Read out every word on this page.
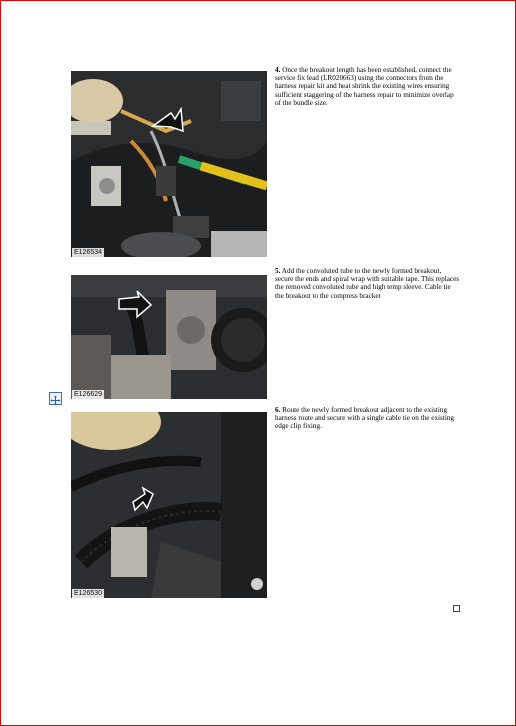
E126534
4. Once the breakout length has been established, connect the service fix lead (LR020663) using the connectors from the harness repair kit and heat shrink the existing wires ensuring sufficient staggering of the harness repair to minimize overlap of the bundle size.
E126629
5. Add the convoluted tube to the newly formed breakout, secure the ends and spiral wrap with suitable tape. This replaces the removed convoluted tube and high temp sleeve. Cable tie the breakout to the compress bracket
E126530
6. Route the newly formed breakout adjacent to the existing harness route and secure with a single cable tie on the existing edge clip fixing.
